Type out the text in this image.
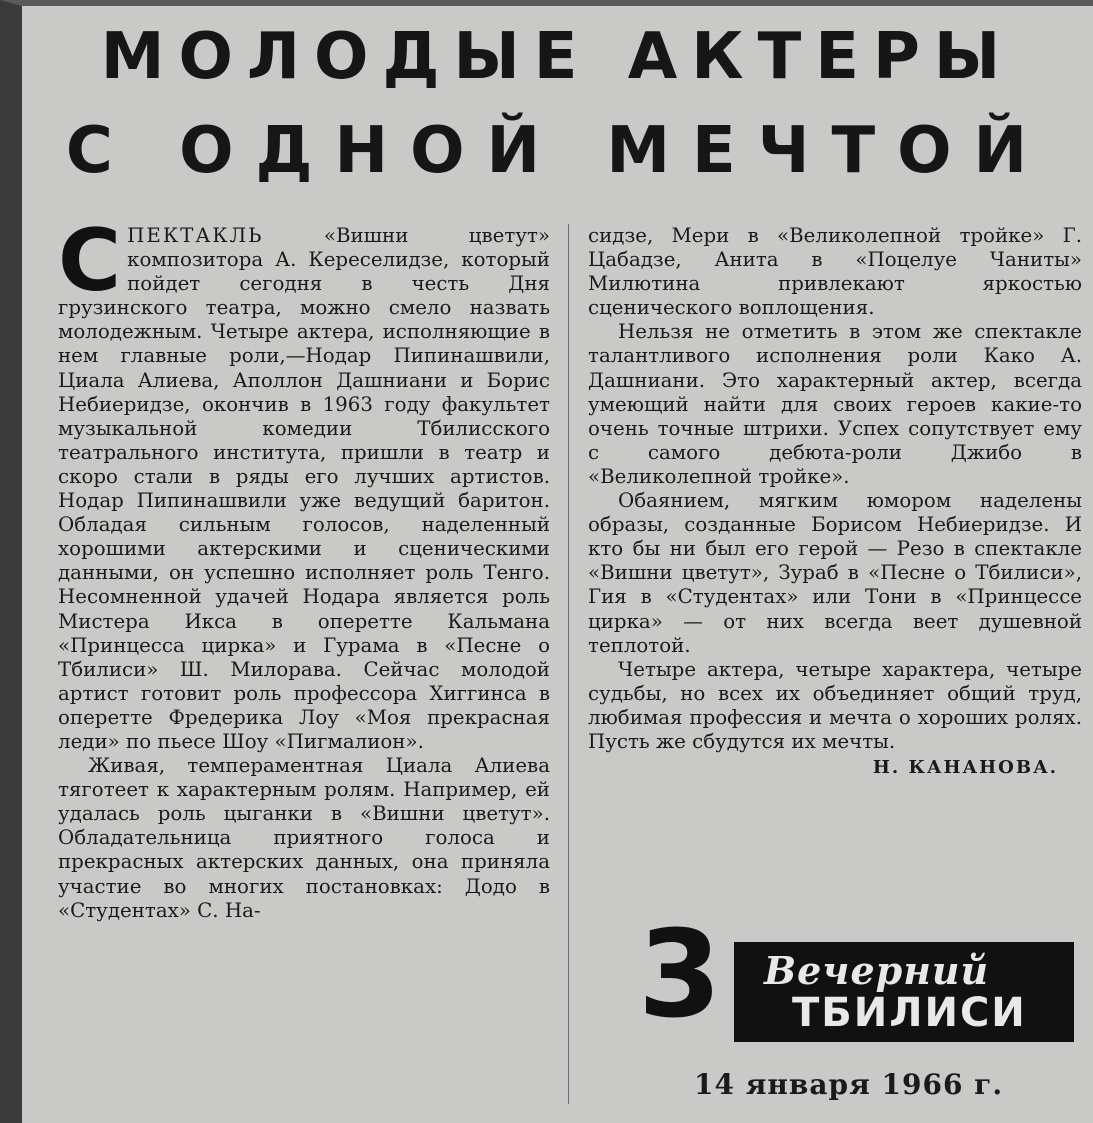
МОЛОДЫЕ АКТЕРЫ
С ОДНОЙ МЕЧТОЙ

СПЕКТАКЛЬ	«Вишни цветут» композитора А. Кереселидзе, который пойдет сегодня в честь Дня грузинского театра, можно смело назвать молодежным. Четыре актера, исполняющие в нем главные роли,—Нодар Пипинашвили, Циала Алиева, Аполлон Дашниани и Борис Небиеридзе, окончив в 1963 году факультет музыкальной комедии Тбилисского театрального института, пришли в театр и скоро стали в ряды его лучших артистов. Нодар Пипинашвили уже ведущий баритон. Обладая сильным голосов, наделенный хорошими актерскими и сценическими данными, он успешно исполняет роль Тенго. Несомненной удачей Нодара является роль Мистера Икса в оперетте Кальмана «Принцесса цирка» и Гурама в «Песне о Тбилиси» Ш. Милорава. Сейчас молодой артист готовит роль профессора Хиггинса в оперетте Фредерика Лоу «Моя прекрасная леди» по пьесе Шоу «Пигмалион».

Живая, темпераментная Циала Алиева тяготеет к характерным ролям. Например, ей удалась роль цыганки в «Вишни цветут». Обладательница приятного голоса и прекрасных актерских данных, она приняла участие во многих постановках: Додо в «Студентах» С. На-

сидзе, Мери в «Великолепной тройке» Г. Цабадзе, Анита в «Поцелуе Чаниты» Милютина привлекают яркостью сценического воплощения.

Нельзя не отметить в этом же спектакле талантливого исполнения роли Како А. Дашниани. Это характерный актер, всегда умеющий найти для своих героев какие-то очень точные штрихи. Успех сопутствует ему с самого дебюта-роли Джибо в «Великолепной тройке».

Обаянием, мягким юмором наделены образы, созданные Борисом Небиеридзе. И кто бы ни был его герой — Резо в спектакле «Вишни цветут», Зураб в «Песне о Тбилиси», Гия в «Студентах» или Тони в «Принцессе цирка» — от них всегда веет душевной теплотой.

Четыре актера, четыре характера, четыре судьбы, но всех их объединяет общий труд, любимая професcия и мечта о хороших ролях. Пусть же сбудутся их мечты.

Н. КАНАНОВА.
3 Вечерний
ТБИЛИСИ
14 января 1966 г.
